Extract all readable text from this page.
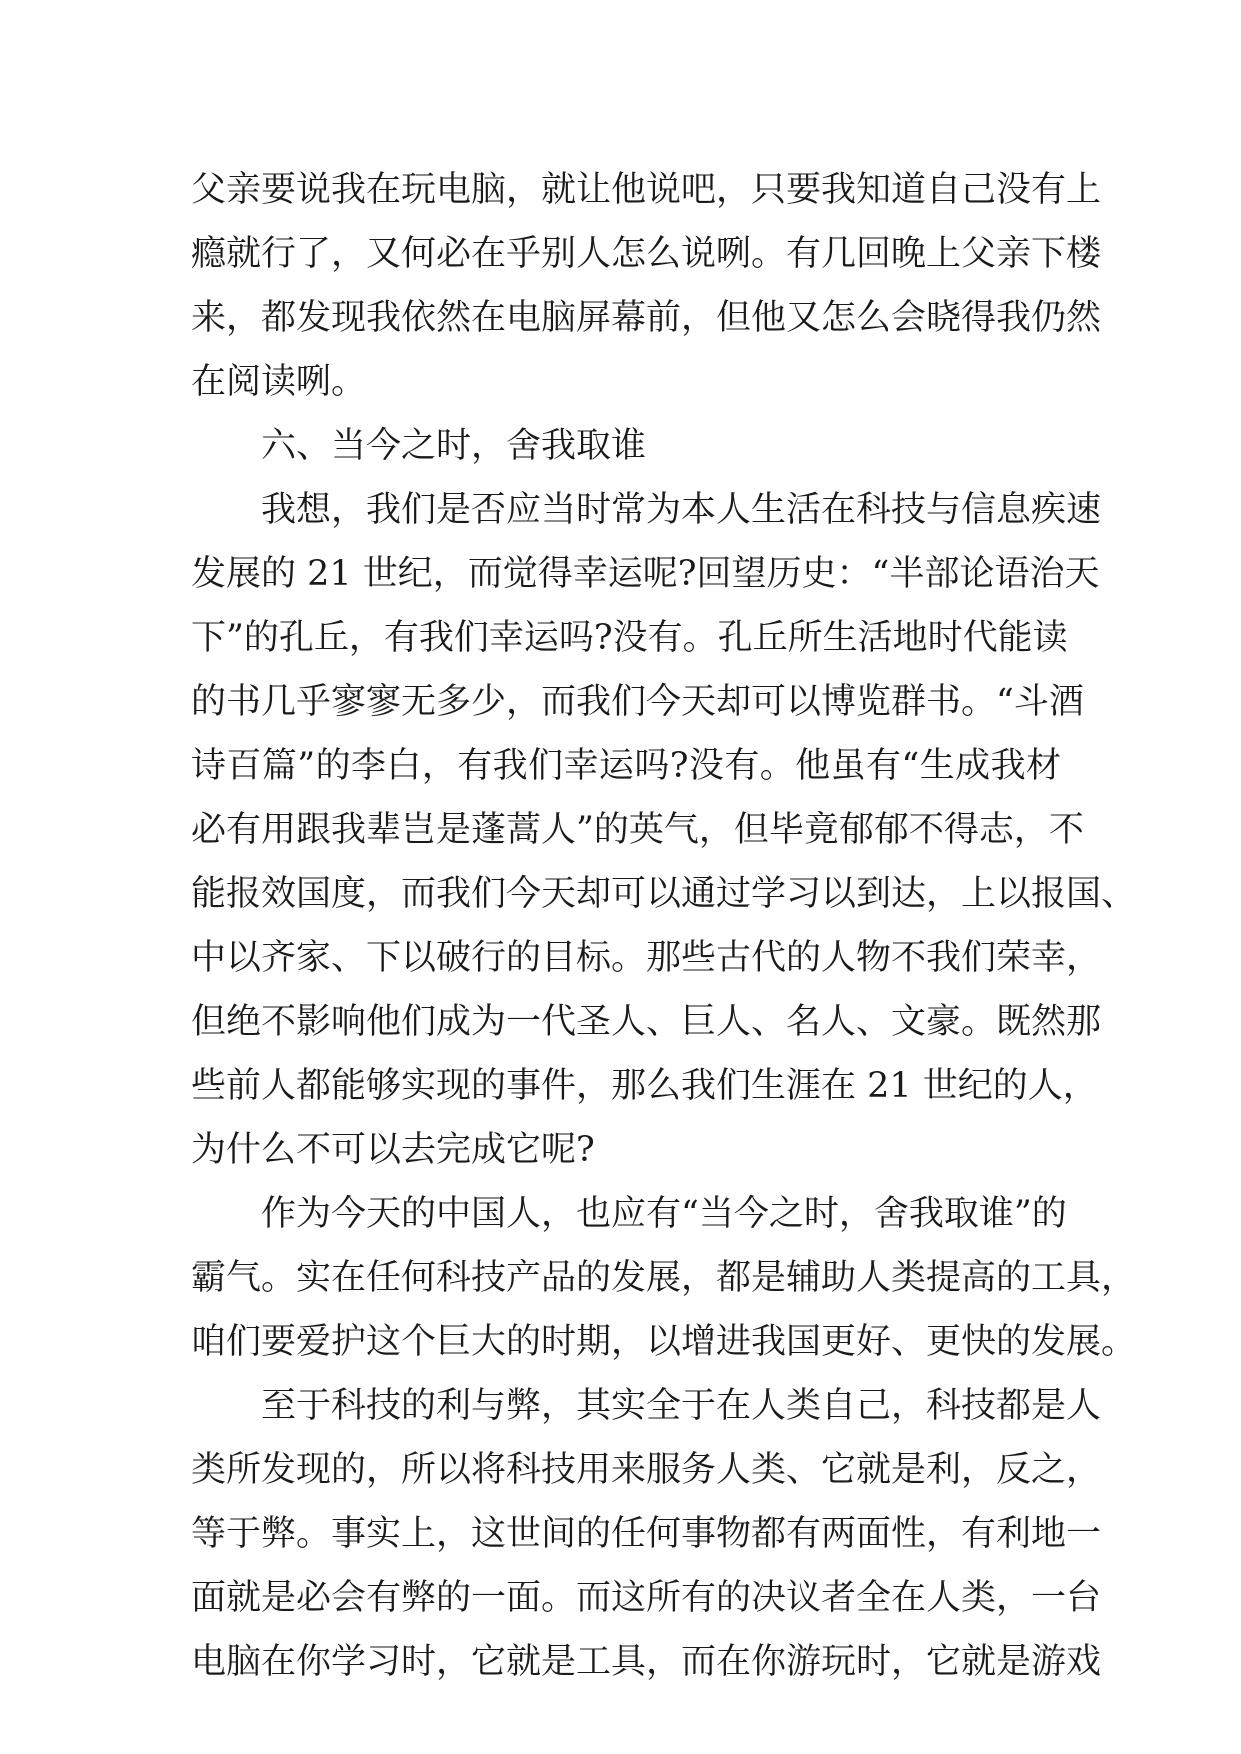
父亲要说我在玩电脑，就让他说吧，只要我知道自己没有上
瘾就行了，又何必在乎别人怎么说咧。有几回晚上父亲下楼
来，都发现我依然在电脑屏幕前，但他又怎么会晓得我仍然
在阅读咧。
六、当今之时，舍我取谁
我想，我们是否应当时常为本人生活在科技与信息疾速
发展的 21 世纪，而觉得幸运呢?回望历史：“半部论语治天
下”的孔丘，有我们幸运吗?没有。孔丘所生活地时代能读
的书几乎寥寥无多少，而我们今天却可以博览群书。“斗酒
诗百篇”的李白，有我们幸运吗?没有。他虽有“生成我材
必有用跟我辈岂是蓬蒿人”的英气，但毕竟郁郁不得志，不
能报效国度，而我们今天却可以通过学习以到达，上以报国、
中以齐家、下以破行的目标。那些古代的人物不我们荣幸，
但绝不影响他们成为一代圣人、巨人、名人、文豪。既然那
些前人都能够实现的事件，那么我们生涯在 21 世纪的人，
为什么不可以去完成它呢?
作为今天的中国人，也应有“当今之时，舍我取谁”的
霸气。实在任何科技产品的发展，都是辅助人类提高的工具，
咱们要爱护这个巨大的时期，以增进我国更好、更快的发展。
至于科技的利与弊，其实全于在人类自己，科技都是人
类所发现的，所以将科技用来服务人类、它就是利，反之，
等于弊。事实上，这世间的任何事物都有两面性，有利地一
面就是必会有弊的一面。而这所有的决议者全在人类，一台
电脑在你学习时，它就是工具，而在你游玩时，它就是游戏
